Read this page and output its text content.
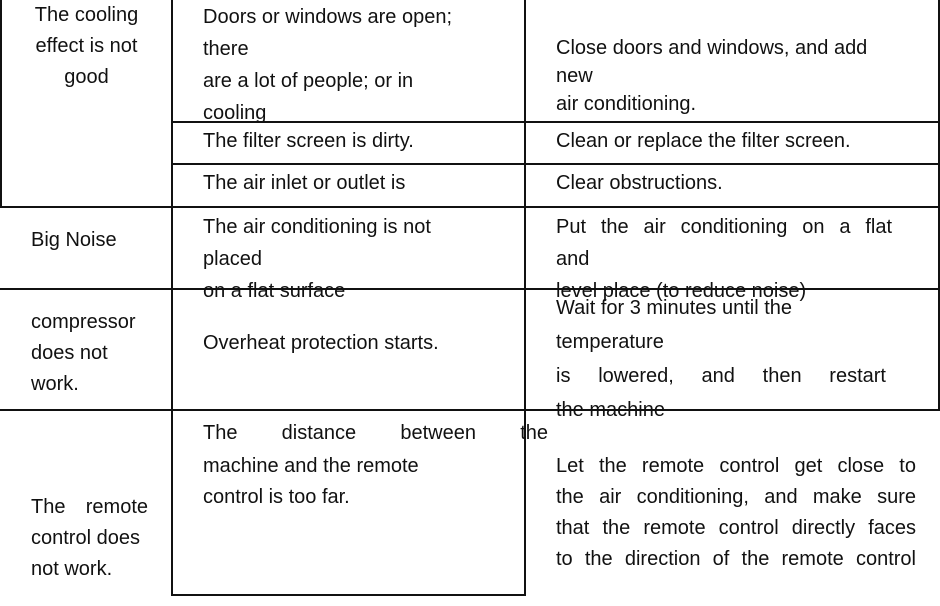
The cooling
effect is not
good
Doors or windows are open;
there
are a lot of people; or in
cooling
Close doors and windows, and add
new
air conditioning.
The filter screen is dirty.	Clean or replace the filter screen.
The air inlet or outlet is	Clear obstructions.
Big Noise
The air conditioning is not
placed
on a flat surface
Put the air conditioning on a flat
and
level place (to reduce noise)
compressor
does not
work.
Overheat protection starts.
Wait for 3 minutes until the
temperature
is lowered, and then restart
the machine
The remote
control does
not work.
The distance between the
machine and the remote
control is too far.
Let the remote control get close to
the air conditioning, and make sure
that the remote control directly faces
to the direction of the remote control
